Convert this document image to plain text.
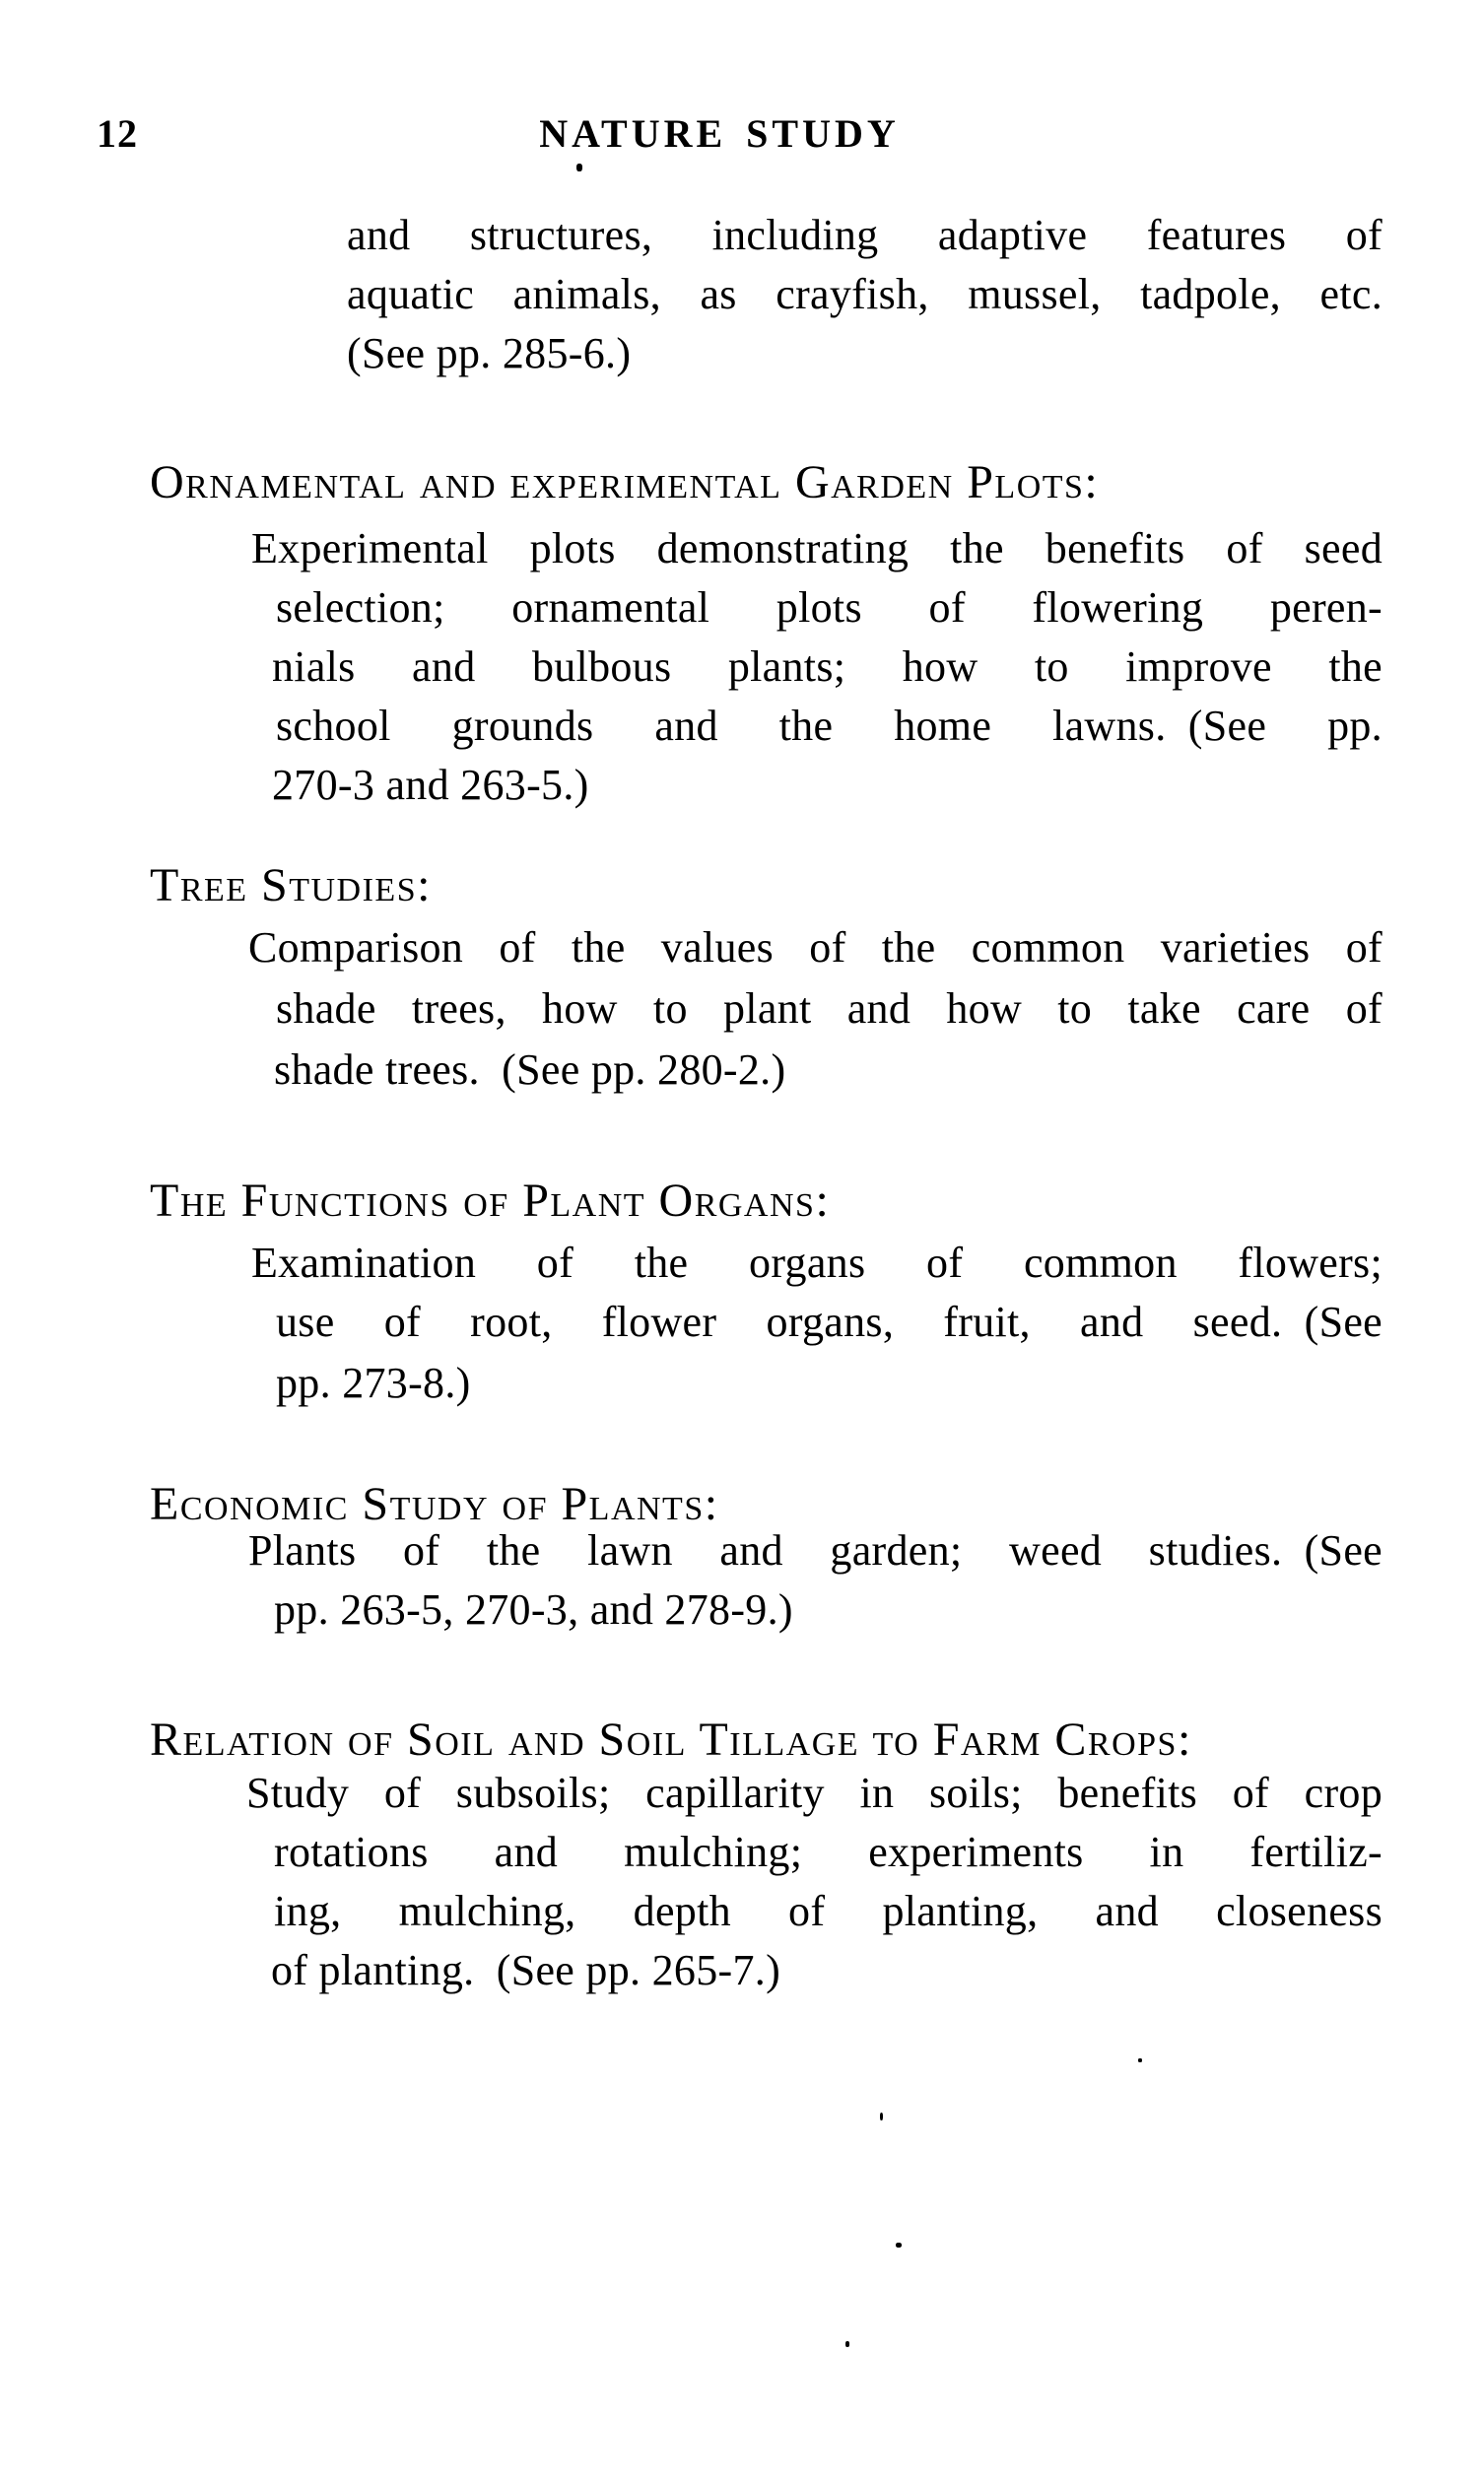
12	NATURE STUDY
and structures, including adaptive features of
aquatic animals, as crayfish, mussel, tadpole, etc.
(See pp. 285-6.)
Ornamental and experimental Garden Plots:
Experimental plots demonstrating the benefits of seed
selection; ornamental plots of flowering peren-
nials and bulbous plants; how to improve the
school grounds and the home lawns. (See pp.
270-3 and 263-5.)
Tree Studies:
Comparison of the values of the common varieties of
shade trees, how to plant and how to take care of
shade trees. (See pp. 280-2.)
The Functions of Plant Organs:
Examination of the organs of common flowers;
use of root, flower organs, fruit, and seed. (See
pp. 273-8.)
Economic Study of Plants:
Plants of the lawn and garden; weed studies. (See
pp. 263-5, 270-3, and 278-9.)
Relation of Soil and Soil Tillage to Farm Crops:
Study of subsoils; capillarity in soils; benefits of crop
rotations and mulching; experiments in fertiliz-
ing, mulching, depth of planting, and closeness
of planting. (See pp. 265-7.)
